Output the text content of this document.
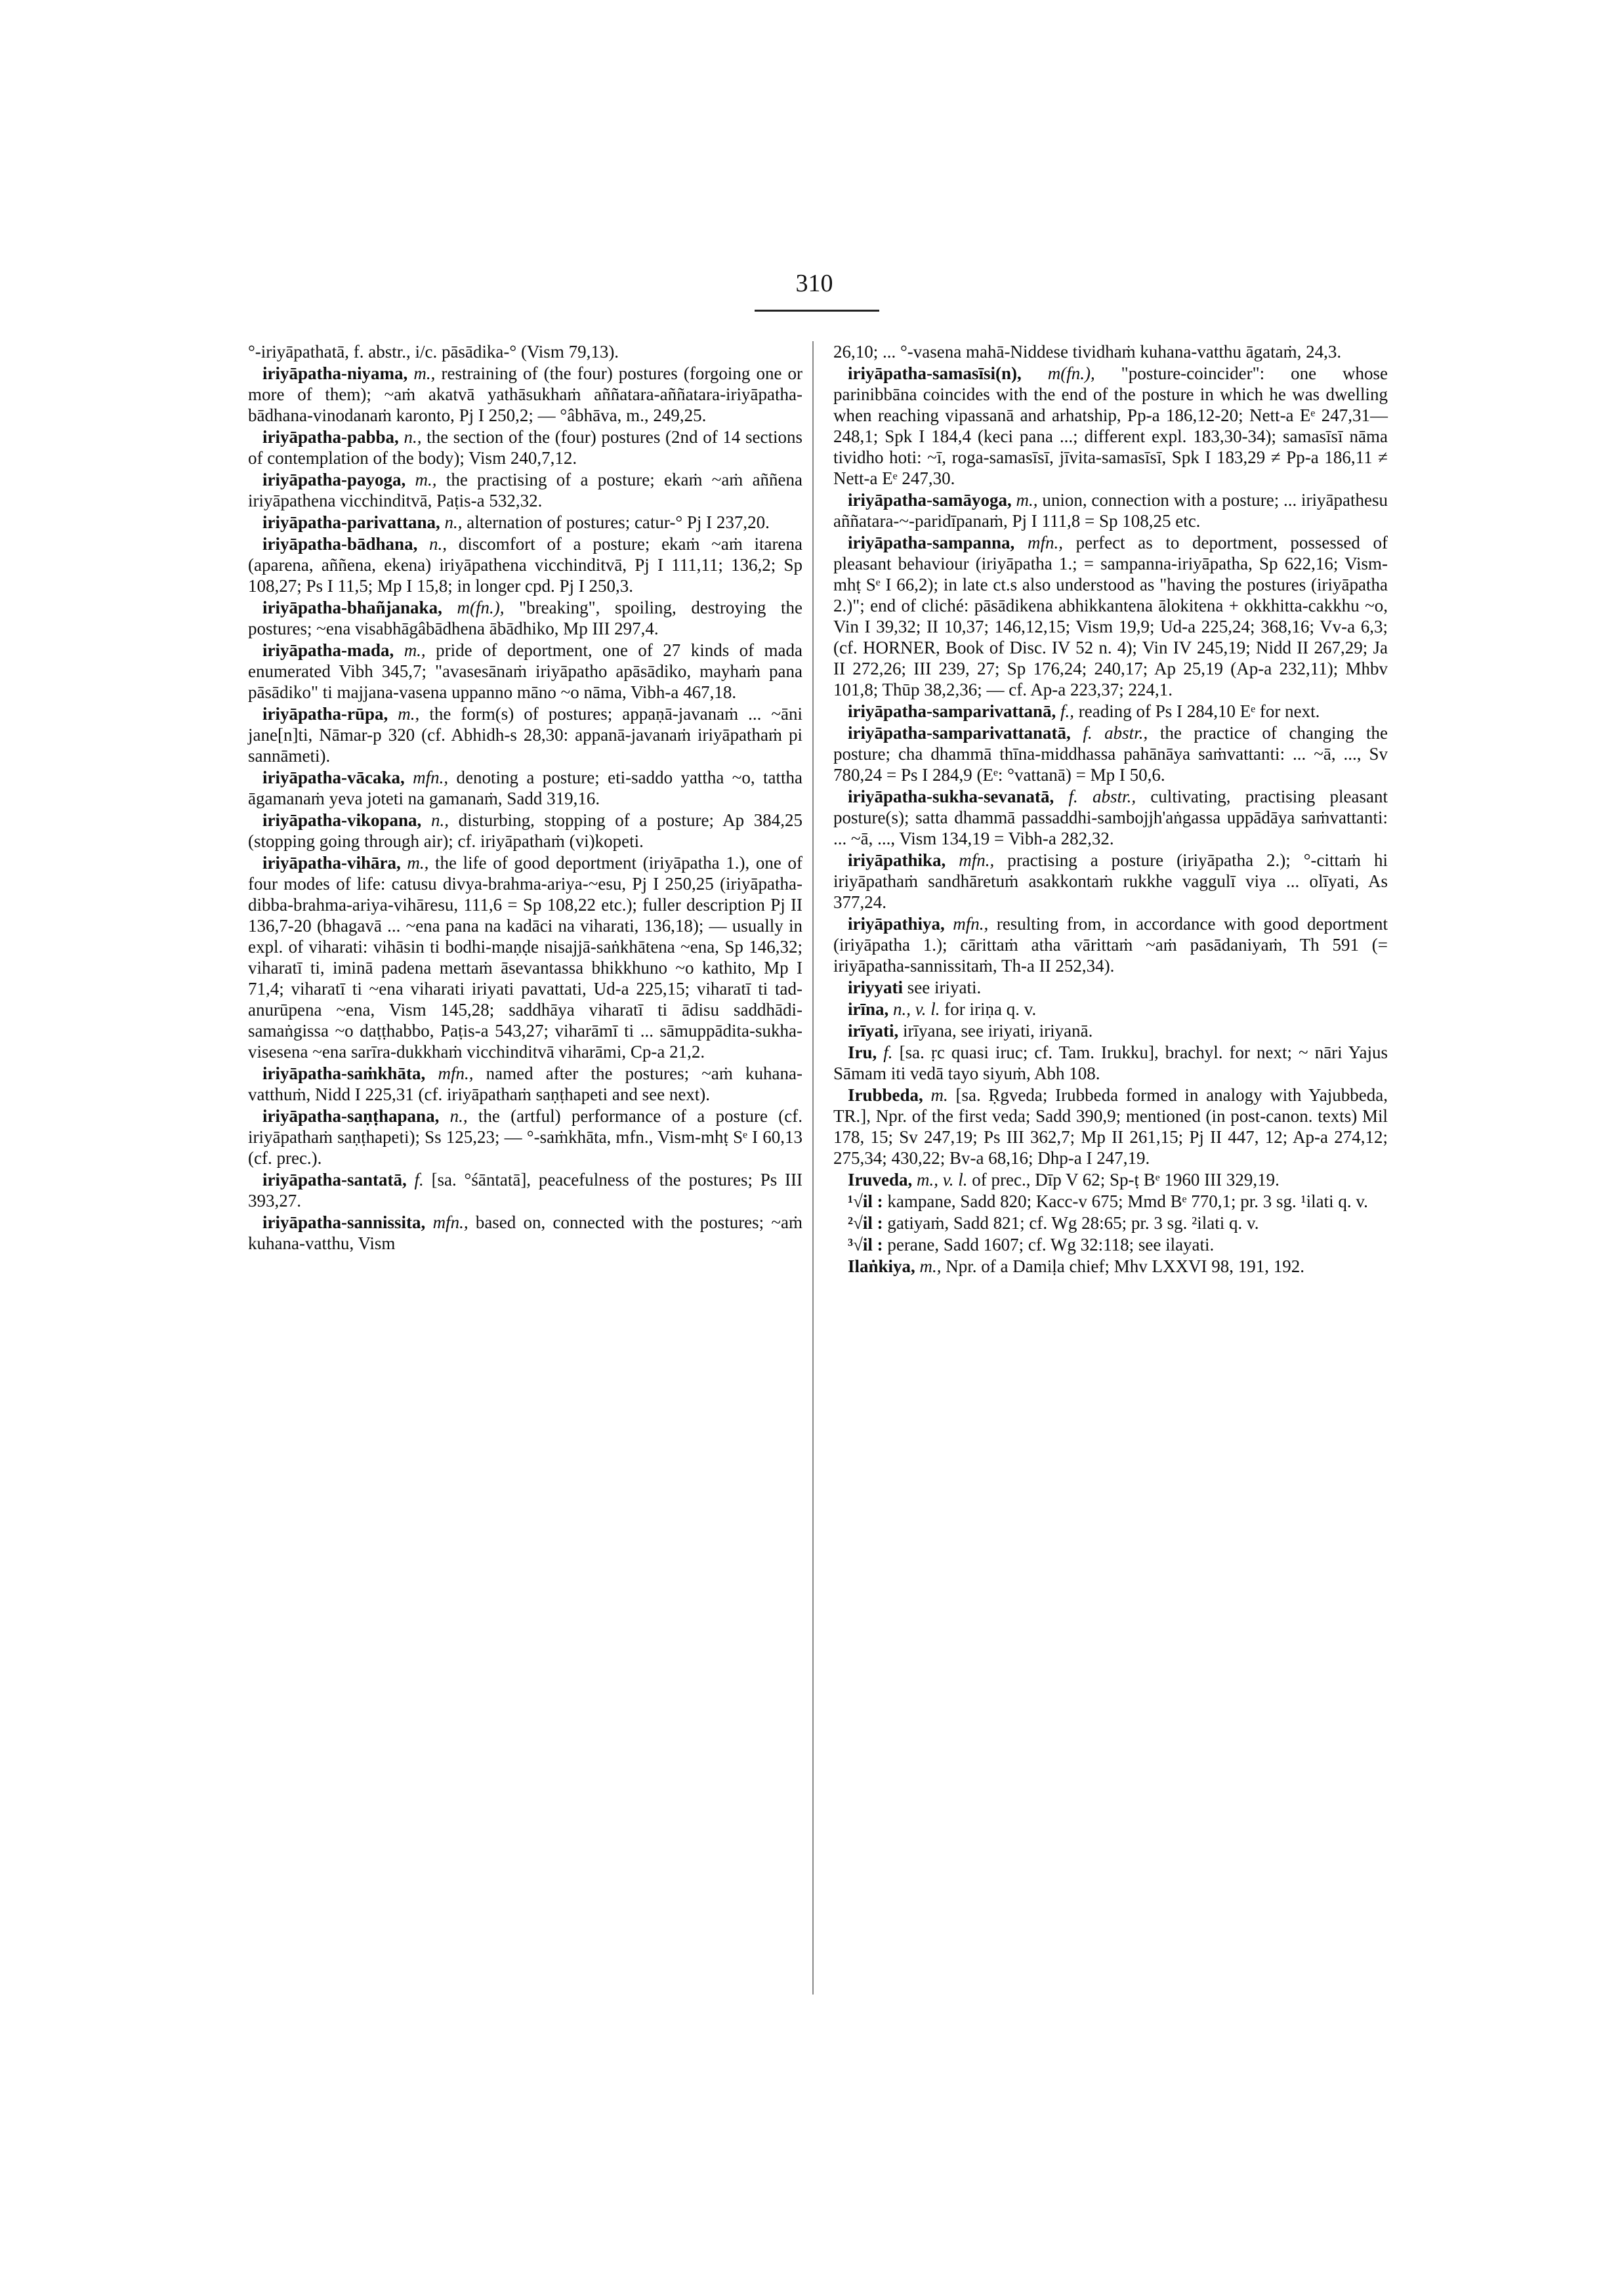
310

°-iriyāpathatā, f. abstr., i/c. pāsādika-° (Vism 79,13).

iriyāpatha-niyama, m., restraining of (the four) postures (forgoing one or more of them); ~aṁ akatvā yathāsukhaṁ aññatara-aññatara-iriyāpatha-bādhana-vinodanaṁ karonto, Pj I 250,2; — °âbhāva, m., 249,25.

iriyāpatha-pabba, n., the section of the (four) postures (2nd of 14 sections of contemplation of the body); Vism 240,7,12.

iriyāpatha-payoga, m., the practising of a posture; ekaṁ ~aṁ aññena iriyāpathena vicchinditvā, Paṭis-a 532,32.

iriyāpatha-parivattana, n., alternation of postures; catur-° Pj I 237,20.

iriyāpatha-bādhana, n., discomfort of a posture; ekaṁ ~aṁ itarena (aparena, aññena, ekena) iriyāpathena vicchinditvā, Pj I 111,11; 136,2; Sp 108,27; Ps I 11,5; Mp I 15,8; in longer cpd. Pj I 250,3.

iriyāpatha-bhañjanaka, m(fn.), "breaking", spoiling, destroying the postures; ~ena visabhāgâbādhena ābādhiko, Mp III 297,4.

iriyāpatha-mada, m., pride of deportment, one of 27 kinds of mada enumerated Vibh 345,7; "avasesānaṁ iriyāpatho apāsādiko, mayhaṁ pana pāsādiko" ti majjana-vasena uppanno māno ~o nāma, Vibh-a 467,18.

iriyāpatha-rūpa, m., the form(s) of postures; appaṇā-javanaṁ ... ~āni jane[n]ti, Nāmar-p 320 (cf. Abhidh-s 28,30: appanā-javanaṁ iriyāpathaṁ pi sannāmeti).

iriyāpatha-vācaka, mfn., denoting a posture; eti-saddo yattha ~o, tattha āgamanaṁ yeva joteti na gamanaṁ, Sadd 319,16.

iriyāpatha-vikopana, n., disturbing, stopping of a posture; Ap 384,25 (stopping going through air); cf. iriyāpathaṁ (vi)kopeti.

iriyāpatha-vihāra, m., the life of good deportment (iriyāpatha 1.), one of four modes of life: catusu divya-brahma-ariya-~esu, Pj I 250,25 (iriyāpatha-dibba-brahma-ariya-vihāresu, 111,6 = Sp 108,22 etc.); fuller description Pj II 136,7-20 (bhagavā ... ~ena pana na kadāci na viharati, 136,18); — usually in expl. of viharati: vihāsin ti bodhi-maṇḍe nisajjā-saṅkhātena ~ena, Sp 146,32; viharatī ti, iminā padena mettaṁ āsevantassa bhikkhuno ~o kathito, Mp I 71,4; viharatī ti ~ena viharati iriyati pavattati, Ud-a 225,15; viharatī ti tad-anurūpena ~ena, Vism 145,28; saddhāya viharatī ti ādisu saddhādi-samaṅgissa ~o daṭṭhabbo, Paṭis-a 543,27; viharāmī ti ... sāmuppādita-sukha-visesena ~ena sarīra-dukkhaṁ vicchinditvā viharāmi, Cp-a 21,2.

iriyāpatha-saṁkhāta, mfn., named after the postures; ~aṁ kuhana-vatthuṁ, Nidd I 225,31 (cf. iriyāpathaṁ saṇṭhapeti and see next).

iriyāpatha-saṇṭhapana, n., the (artful) performance of a posture (cf. iriyāpathaṁ saṇṭhapeti); Ss 125,23; — °-saṁkhāta, mfn., Vism-mhṭ Sᵉ I 60,13 (cf. prec.).

iriyāpatha-santatā, f. [sa. °śāntatā], peacefulness of the postures; Ps III 393,27.

iriyāpatha-sannissita, mfn., based on, connected with the postures; ~aṁ kuhana-vatthu, Vism

26,10; ... °-vasena mahā-Niddese tividhaṁ kuhana-vatthu āgataṁ, 24,3.

iriyāpatha-samasīsi(n), m(fn.), "posture-coincider": one whose parinibbāna coincides with the end of the posture in which he was dwelling when reaching vipassanā and arhatship, Pp-a 186,12-20; Nett-a Eᵉ 247,31—248,1; Spk I 184,4 (keci pana ...; different expl. 183,30-34); samasīsī nāma tividho hoti: ~ī, roga-samasīsī, jīvita-samasīsī, Spk I 183,29 ≠ Pp-a 186,11 ≠ Nett-a Eᵉ 247,30.

iriyāpatha-samāyoga, m., union, connection with a posture; ... iriyāpathesu aññatara-~-paridīpanaṁ, Pj I 111,8 = Sp 108,25 etc.

iriyāpatha-sampanna, mfn., perfect as to deportment, possessed of pleasant behaviour (iriyāpatha 1.; = sampanna-iriyāpatha, Sp 622,16; Vism-mhṭ Sᵉ I 66,2); in late ct.s also understood as "having the postures (iriyāpatha 2.)"; end of cliché: pāsādikena abhikkantena ālokitena + okkhitta-cakkhu ~o, Vin I 39,32; II 10,37; 146,12,15; Vism 19,9; Ud-a 225,24; 368,16; Vv-a 6,3; (cf. HORNER, Book of Disc. IV 52 n. 4); Vin IV 245,19; Nidd II 267,29; Ja II 272,26; III 239, 27; Sp 176,24; 240,17; Ap 25,19 (Ap-a 232,11); Mhbv 101,8; Thūp 38,2,36; — cf. Ap-a 223,37; 224,1.

iriyāpatha-samparivattanā, f., reading of Ps I 284,10 Eᵉ for next.

iriyāpatha-samparivattanatā, f. abstr., the practice of changing the posture; cha dhammā thīna-middhassa pahānāya saṁvattanti: ... ~ā, ..., Sv 780,24 = Ps I 284,9 (Eᵉ: °vattanā) = Mp I 50,6.

iriyāpatha-sukha-sevanatā, f. abstr., cultivating, practising pleasant posture(s); satta dhammā passaddhi-sambojjh'aṅgassa uppādāya saṁvattanti: ... ~ā, ..., Vism 134,19 = Vibh-a 282,32.

iriyāpathika, mfn., practising a posture (iriyāpatha 2.); °-cittaṁ hi iriyāpathaṁ sandhāretuṁ asakkontaṁ rukkhe vaggulī viya ... olīyati, As 377,24.

iriyāpathiya, mfn., resulting from, in accordance with good deportment (iriyāpatha 1.); cārittaṁ atha vārittaṁ ~aṁ pasādaniyaṁ, Th 591 (= iriyāpatha-sannissitaṁ, Th-a II 252,34).

iriyyati see iriyati.

irīna, n., v. l. for iriṇa q. v.

irīyati, irīyana, see iriyati, iriyanā.

Iru, f. [sa. ṛc quasi iruc; cf. Tam. Irukku], brachyl. for next; ~ nāri Yajus Sāmam iti vedā tayo siyuṁ, Abh 108.

Irubbeda, m. [sa. Ṛgveda; Irubbeda formed in analogy with Yajubbeda, TR.], Npr. of the first veda; Sadd 390,9; mentioned (in post-canon. texts) Mil 178, 15; Sv 247,19; Ps III 362,7; Mp II 261,15; Pj II 447, 12; Ap-a 274,12; 275,34; 430,22; Bv-a 68,16; Dhp-a I 247,19.

Iruveda, m., v. l. of prec., Dīp V 62; Sp-ṭ Bᵉ 1960 III 329,19.

¹√il : kampane, Sadd 820; Kacc-v 675; Mmd Bᵉ 770,1; pr. 3 sg. ¹ilati q. v.

²√il : gatiyaṁ, Sadd 821; cf. Wg 28:65; pr. 3 sg. ²ilati q. v.

³√il : perane, Sadd 1607; cf. Wg 32:118; see ilayati.

Ilaṅkiya, m., Npr. of a Damiḷa chief; Mhv LXXVI 98, 191, 192.
